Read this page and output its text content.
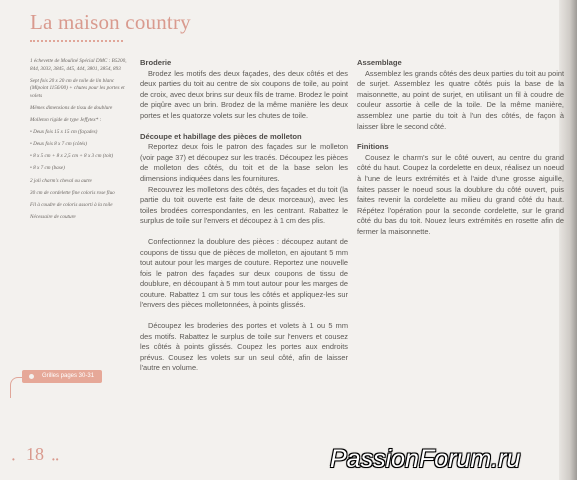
La maison country
1 échevette de Mouliné Spécial DMC : B5200, 844, 3033, 3845, 445, 444, 3801, 3854, 893
Sept fois 20 x 20 cm de toile de lin blanc (Mlpoint 1156/00) + chutes pour les portes et volets
Mêmes dimensions de tissu de doublure
Molleton rigide de type Jeffytex* :
• Deux fois 15 x 15 cm (façades)
• Deux fois 8 x 7 cm (côtés)
• 8 x 5 cm + 8 x 2,5 cm + 8 x 3 cm (toit)
• 8 x 7 cm (base)
2 joli charm's cheval ou autre
30 cm de cordelette fine coloris rose fluo
Fil à coudre de coloris assorti à la toile
Nécessaire de couture
Broderie

Brodez les motifs des deux façades, des deux côtés et des deux parties du toit au centre de six coupons de toile, au point de croix, avec deux brins sur deux fils de trame. Brodez le point de piqûre avec un brin. Brodez de la même manière les deux portes et les quatorze volets sur les chutes de toile.

Découpe et habillage des pièces de molleton

Reportez deux fois le patron des façades sur le molleton (voir page 37) et découpez sur les tracés. Découpez les pièces de molleton des côtés, du toit et de la base selon les dimensions indiquées dans les fournitures.

Recouvrez les molletons des côtés, des façades et du toit (la partie du toit ouverte est faite de deux morceaux), avec les toiles brodées correspondantes, en les centrant. Rabattez le surplus de toile sur l'envers et découpez à 1 cm des plis.

Confectionnez la doublure des pièces : découpez autant de coupons de tissu que de pièces de molleton, en ajoutant 5 mm tout autour pour les marges de couture. Reportez une nouvelle fois le patron des façades sur deux coupons de tissu de doublure, en découpant à 5 mm tout autour pour les marges de couture. Rabattez 1 cm sur tous les côtés et appliquez-les sur l'envers des pièces molletonnées, à points glissés.

Découpez les broderies des portes et volets à 1 ou 5 mm des motifs. Rabattez le surplus de toile sur l'envers et cousez les côtés à points glissés. Coupez les portes aux endroits prévus. Cousez les volets sur un seul côté, afin de laisser l'autre en volume.

Assemblage

Assemblez les grands côtés des deux parties du toit au point de surjet. Assemblez les quatre côtés puis la base de la maisonnette, au point de surjet, en utilisant un fil à coudre de couleur assortie à celle de la toile. De la même manière, assemblez une partie du toit à l'un des côtés, de façon à laisser libre le second côté.

Finitions

Cousez le charm's sur le côté ouvert, au centre du grand côté du haut. Coupez la cordelette en deux, réalisez un noeud à l'une de leurs extrémités et à l'aide d'une grosse aiguille, faites passer le noeud sous la doublure du côté ouvert, puis faites revenir la cordelette au milieu du grand côté du haut. Répétez l'opération pour la seconde cordelette, sur le grand côté du bas du toit. Nouez leurs extrémités en rosette afin de fermer la maisonnette.

Grilles pages 30-31
• 18 ••	PassionForum.ru
